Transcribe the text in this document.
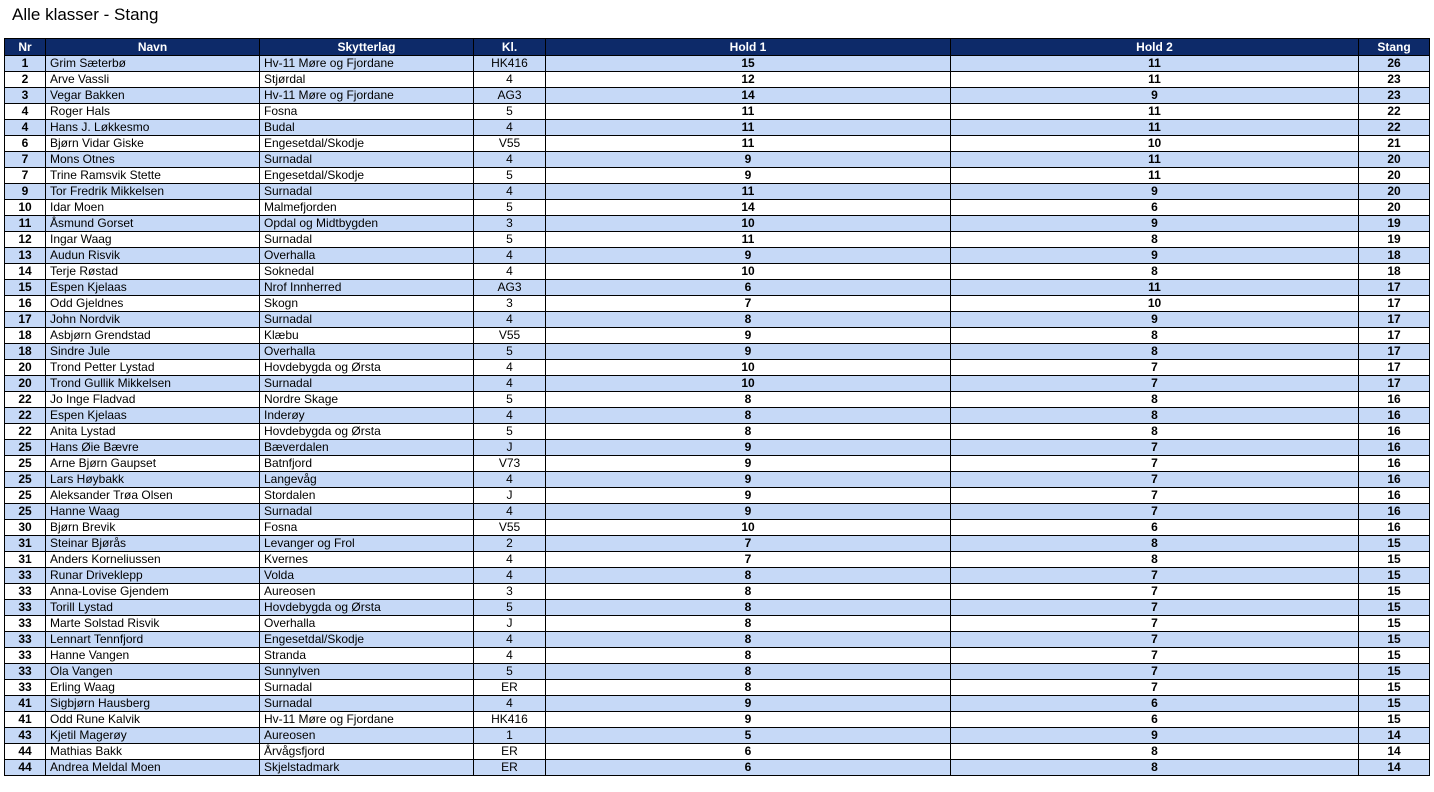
Alle klasser - Stang
Nr	Navn	Skytterlag	Kl.	Hold 1	Hold 2	Stang
1	Grim Sæterbø	Hv-11 Møre og Fjordane	HK416	15	11	26
2	Arve Vassli	Stjørdal	4	12	11	23
3	Vegar Bakken	Hv-11 Møre og Fjordane	AG3	14	9	23
4	Roger Hals	Fosna	5	11	11	22
4	Hans J. Løkkesmo	Budal	4	11	11	22
6	Bjørn Vidar Giske	Engesetdal/Skodje	V55	11	10	21
7	Mons Otnes	Surnadal	4	9	11	20
7	Trine Ramsvik Stette	Engesetdal/Skodje	5	9	11	20
9	Tor Fredrik Mikkelsen	Surnadal	4	11	9	20
10	Idar Moen	Malmefjorden	5	14	6	20
11	Åsmund Gorset	Opdal og Midtbygden	3	10	9	19
12	Ingar Waag	Surnadal	5	11	8	19
13	Audun Risvik	Overhalla	4	9	9	18
14	Terje Røstad	Soknedal	4	10	8	18
15	Espen Kjelaas	Nrof Innherred	AG3	6	11	17
16	Odd Gjeldnes	Skogn	3	7	10	17
17	John Nordvik	Surnadal	4	8	9	17
18	Asbjørn Grendstad	Klæbu	V55	9	8	17
18	Sindre Jule	Overhalla	5	9	8	17
20	Trond Petter Lystad	Hovdebygda og Ørsta	4	10	7	17
20	Trond Gullik Mikkelsen	Surnadal	4	10	7	17
22	Jo Inge Fladvad	Nordre Skage	5	8	8	16
22	Espen Kjelaas	Inderøy	4	8	8	16
22	Anita Lystad	Hovdebygda og Ørsta	5	8	8	16
25	Hans Øie Bævre	Bæverdalen	J	9	7	16
25	Arne Bjørn Gaupset	Batnfjord	V73	9	7	16
25	Lars Høybakk	Langevåg	4	9	7	16
25	Aleksander Trøa Olsen	Stordalen	J	9	7	16
25	Hanne Waag	Surnadal	4	9	7	16
30	Bjørn Brevik	Fosna	V55	10	6	16
31	Steinar Bjørås	Levanger og Frol	2	7	8	15
31	Anders Korneliussen	Kvernes	4	7	8	15
33	Runar Driveklepp	Volda	4	8	7	15
33	Anna-Lovise Gjendem	Aureosen	3	8	7	15
33	Torill Lystad	Hovdebygda og Ørsta	5	8	7	15
33	Marte Solstad Risvik	Overhalla	J	8	7	15
33	Lennart Tennfjord	Engesetdal/Skodje	4	8	7	15
33	Hanne Vangen	Stranda	4	8	7	15
33	Ola Vangen	Sunnylven	5	8	7	15
33	Erling Waag	Surnadal	ER	8	7	15
41	Sigbjørn Hausberg	Surnadal	4	9	6	15
41	Odd Rune Kalvik	Hv-11 Møre og Fjordane	HK416	9	6	15
43	Kjetil Magerøy	Aureosen	1	5	9	14
44	Mathias Bakk	Årvågsfjord	ER	6	8	14
44	Andrea Meldal Moen	Skjelstadmark	ER	6	8	14
